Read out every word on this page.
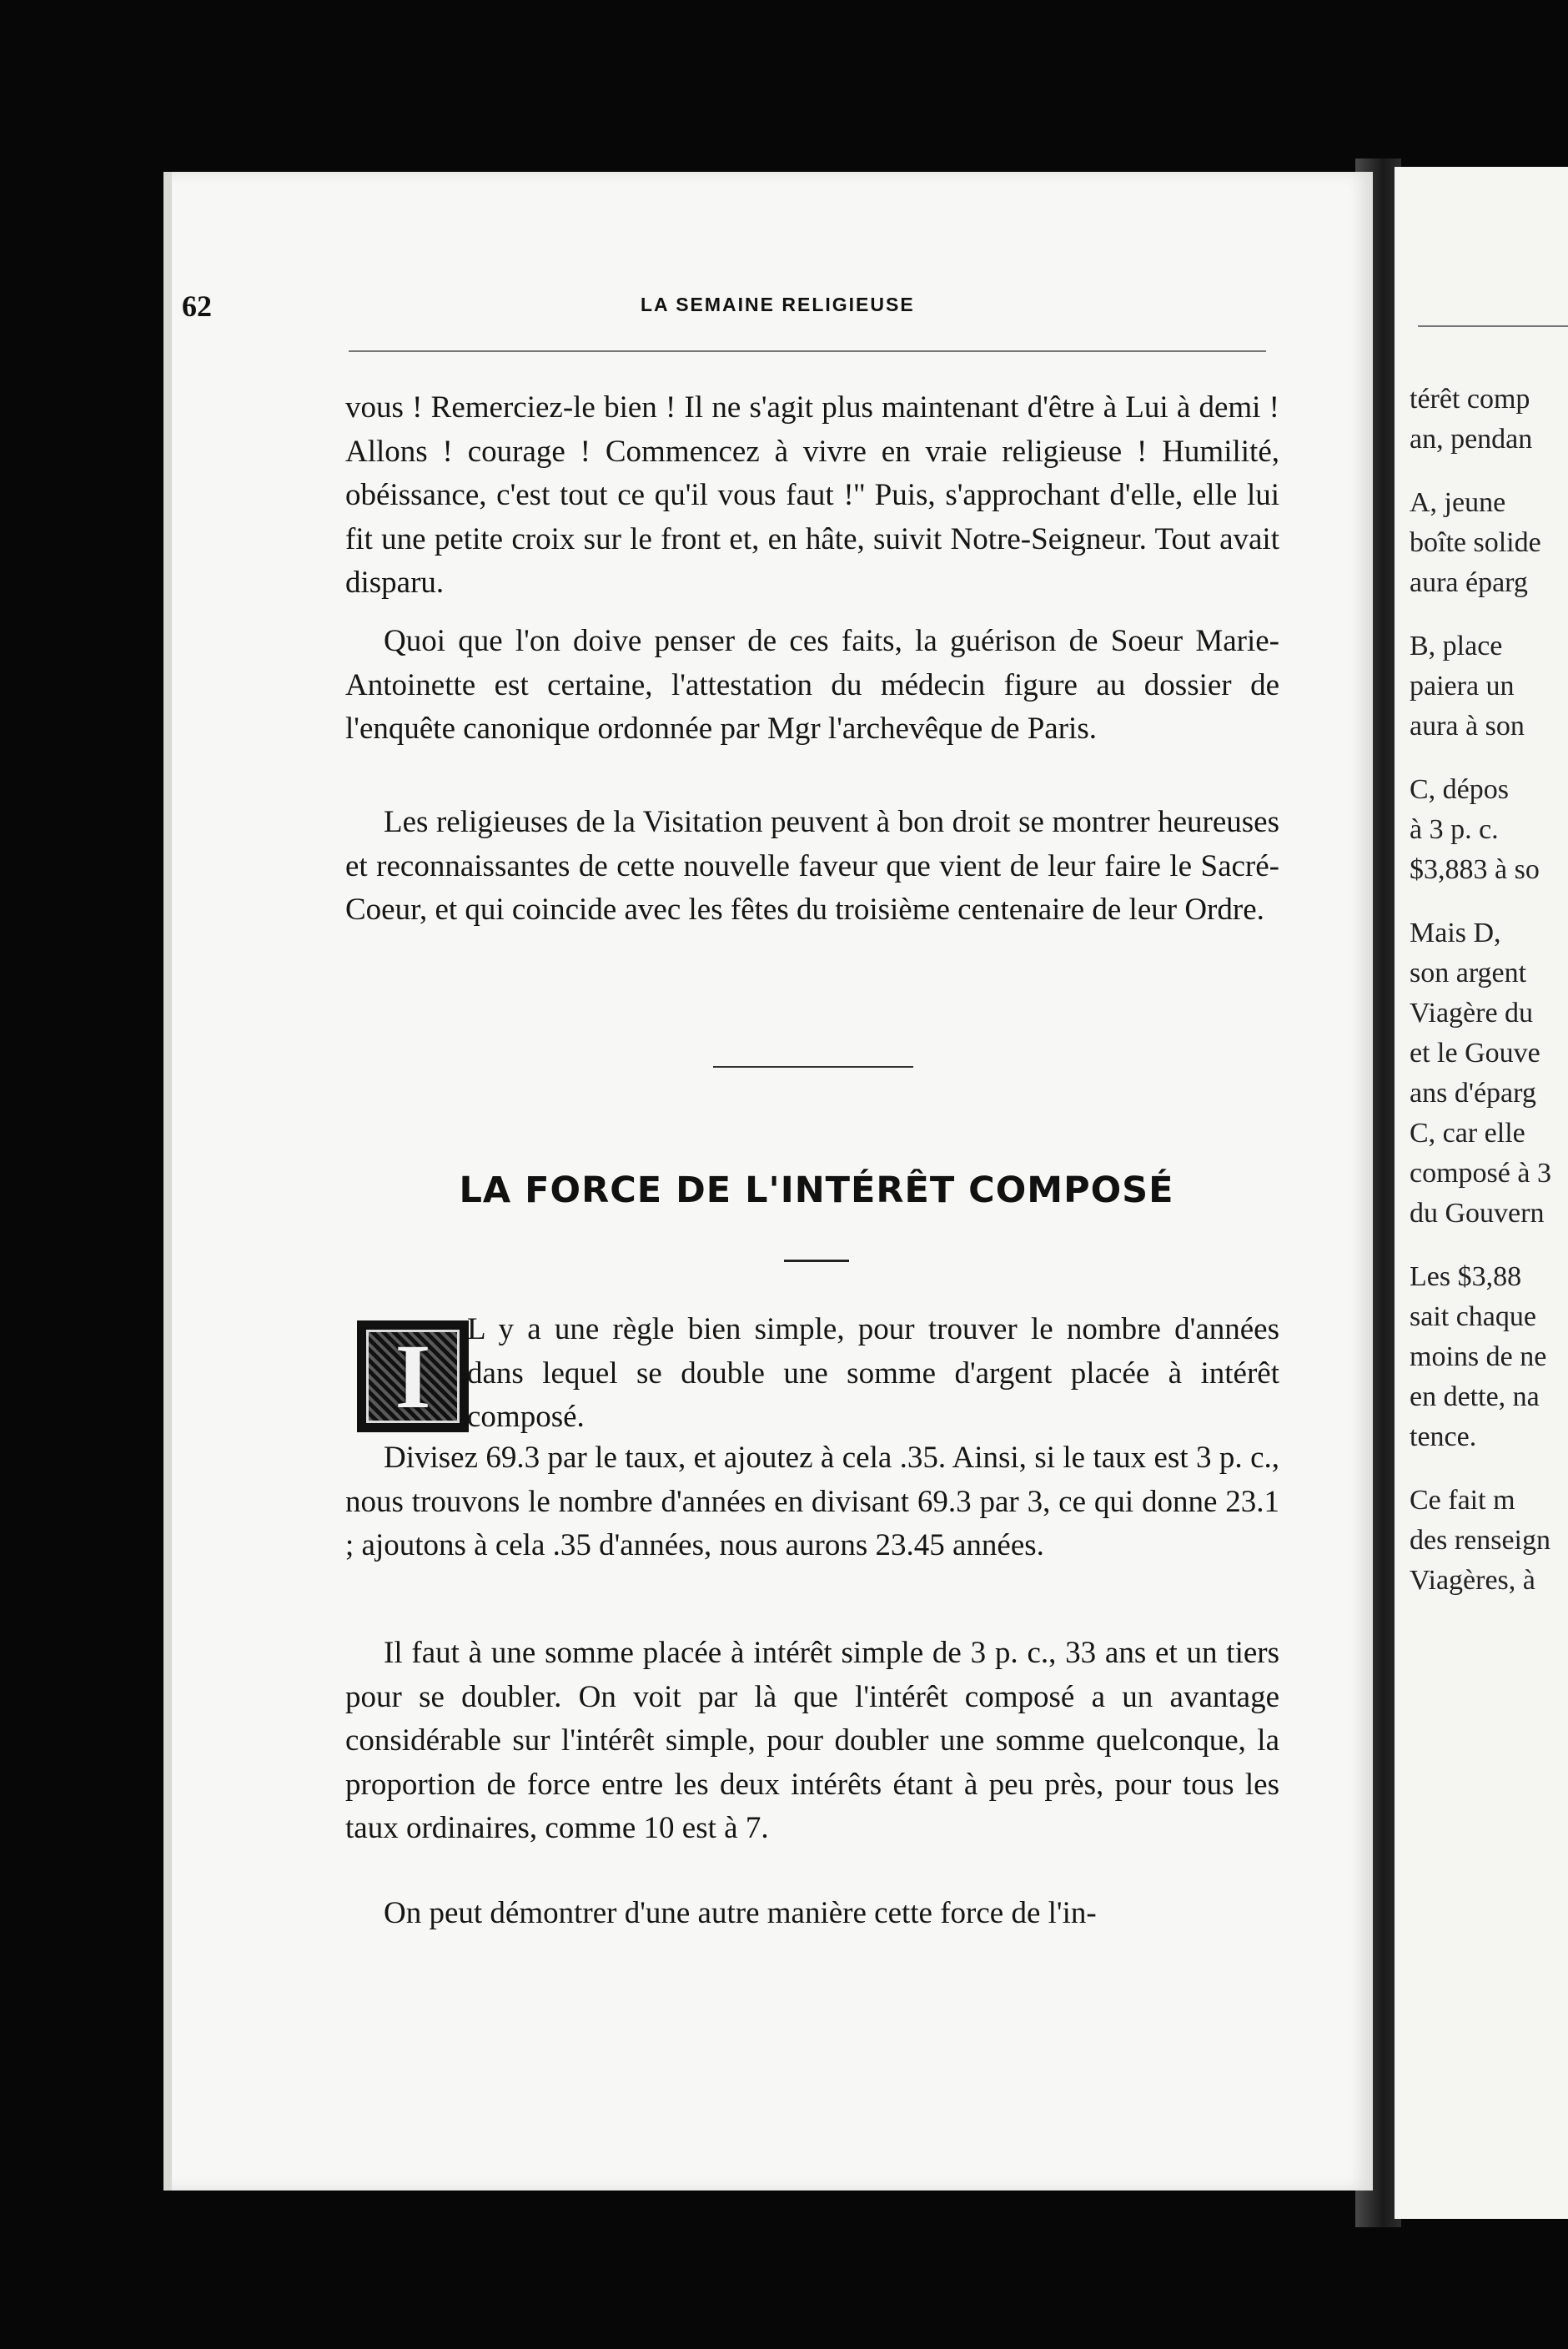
62	LA SEMAINE RELIGIEUSE

vous ! Remerciez-le bien ! Il ne s'agit plus maintenant d'être à Lui à demi ! Allons ! courage ! Commencez à vivre en vraie religieuse ! Humilité, obéissance, c'est tout ce qu'il vous faut !'' Puis, s'approchant d'elle, elle lui fit une petite croix sur le front et, en hâte, suivit Notre-Seigneur. Tout avait disparu.

Quoi que l'on doive penser de ces faits, la guérison de Soeur Marie-Antoinette est certaine, l'attestation du médecin figure au dossier de l'enquête canonique ordonnée par Mgr l'archevêque de Paris.

Les religieuses de la Visitation peuvent à bon droit se montrer heureuses et reconnaissantes de cette nouvelle faveur que vient de leur faire le Sacré-Coeur, et qui coincide avec les fêtes du troisième centenaire de leur Ordre.

LA FORCE DE L'INTÉRÊT COMPOSÉ
I	L y a une règle bien simple, pour trouver le nombre d'années dans lequel se double une somme d'argent placée à intérêt composé.

Divisez 69.3 par le taux, et ajoutez à cela .35. Ainsi, si le taux est 3 p. c., nous trouvons le nombre d'années en divisant 69.3 par 3, ce qui donne 23.1 ; ajoutons à cela .35 d'années, nous aurons 23.45 années.

Il faut à une somme placée à intérêt simple de 3 p. c., 33 ans et un tiers pour se doubler. On voit par là que l'intérêt composé a un avantage considérable sur l'intérêt simple, pour doubler une somme quelconque, la proportion de force entre les deux intérêts étant à peu près, pour tous les taux ordinaires, comme 10 est à 7.

On peut démontrer d'une autre manière cette force de l'in-

térêt comp
an, pendan
A, jeune
boîte solide
aura éparg
B, place
paiera un
aura à son
C, dépos
à 3 p. c.
$3,883 à so
Mais D,
son argent
Viagère du
et le Gouve
ans d'éparg
C, car elle
composé à 3
du Gouvern
Les $3,88
sait chaque
moins de ne
en dette, na
tence.
Ce fait m
des renseign
Viagères, à
